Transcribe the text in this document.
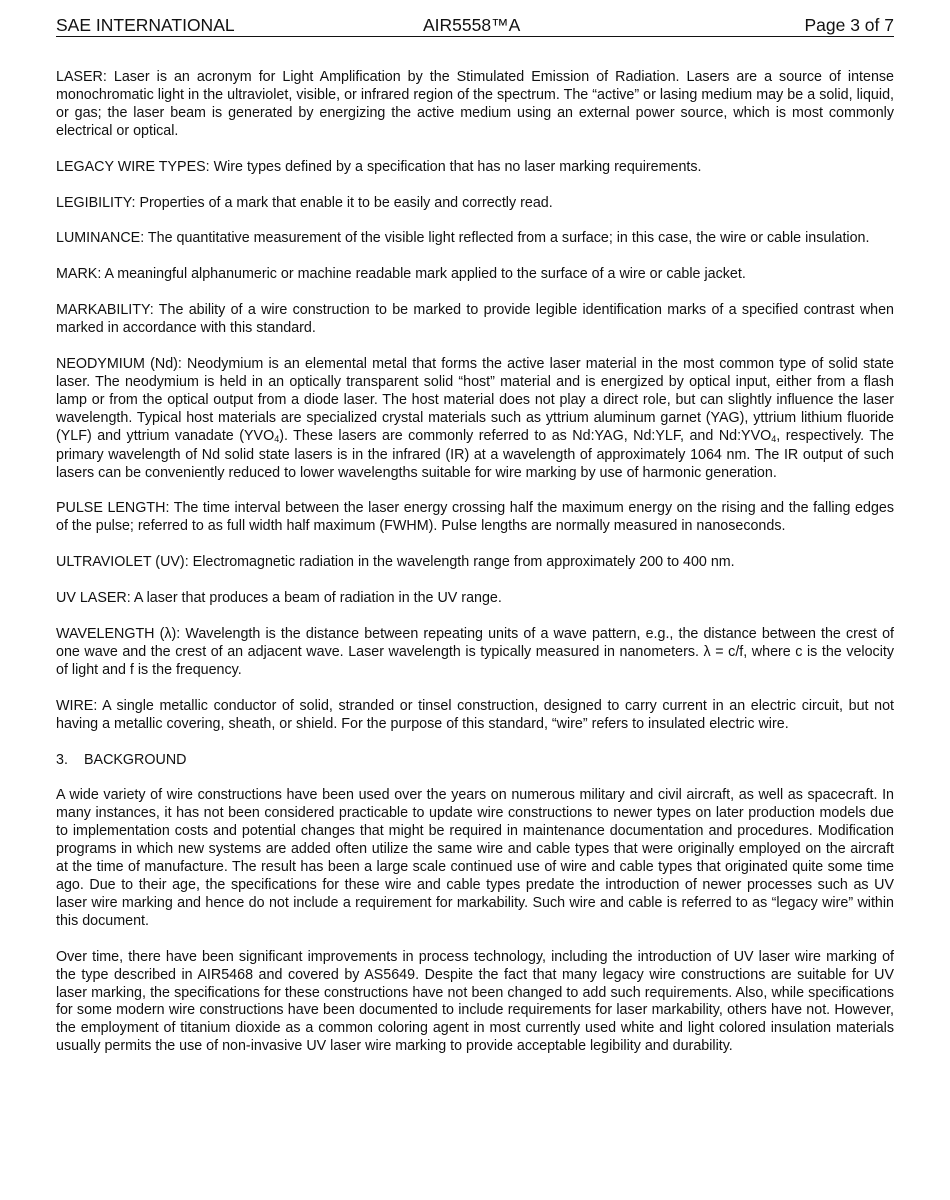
SAE INTERNATIONAL	AIR5558™A	Page 3 of 7

LASER: Laser is an acronym for Light Amplification by the Stimulated Emission of Radiation. Lasers are a source of intense monochromatic light in the ultraviolet, visible, or infrared region of the spectrum. The “active” or lasing medium may be a solid, liquid, or gas; the laser beam is generated by energizing the active medium using an external power source, which is most commonly electrical or optical.

LEGACY WIRE TYPES: Wire types defined by a specification that has no laser marking requirements.

LEGIBILITY: Properties of a mark that enable it to be easily and correctly read.

LUMINANCE: The quantitative measurement of the visible light reflected from a surface; in this case, the wire or cable insulation.

MARK: A meaningful alphanumeric or machine readable mark applied to the surface of a wire or cable jacket.

MARKABILITY: The ability of a wire construction to be marked to provide legible identification marks of a specified contrast when marked in accordance with this standard.

NEODYMIUM (Nd): Neodymium is an elemental metal that forms the active laser material in the most common type of solid state laser. The neodymium is held in an optically transparent solid “host” material and is energized by optical input, either from a flash lamp or from the optical output from a diode laser. The host material does not play a direct role, but can slightly influence the laser wavelength. Typical host materials are specialized crystal materials such as yttrium aluminum garnet (YAG), yttrium lithium fluoride (YLF) and yttrium vanadate $(YVO_4)$. These lasers are commonly referred to as Nd:YAG, Nd:YLF, and $Nd:YVO_4$, respectively. The primary wavelength of Nd solid state lasers is in the infrared (IR) at a wavelength of approximately 1064 nm. The IR output of such lasers can be conveniently reduced to lower wavelengths suitable for wire marking by use of harmonic generation.

PULSE LENGTH: The time interval between the laser energy crossing half the maximum energy on the rising and the falling edges of the pulse; referred to as full width half maximum (FWHM). Pulse lengths are normally measured in nanoseconds.

ULTRAVIOLET (UV): Electromagnetic radiation in the wavelength range from approximately 200 to 400 nm.

UV LASER: A laser that produces a beam of radiation in the UV range.

WAVELENGTH (λ): Wavelength is the distance between repeating units of a wave pattern, e.g., the distance between the crest of one wave and the crest of an adjacent wave. Laser wavelength is typically measured in nanometers. λ = c/f, where c is the velocity of light and f is the frequency.

WIRE: A single metallic conductor of solid, stranded or tinsel construction, designed to carry current in an electric circuit, but not having a metallic covering, sheath, or shield. For the purpose of this standard, “wire” refers to insulated electric wire.

3. BACKGROUND

A wide variety of wire constructions have been used over the years on numerous military and civil aircraft, as well as spacecraft. In many instances, it has not been considered practicable to update wire constructions to newer types on later production models due to implementation costs and potential changes that might be required in maintenance documentation and procedures. Modification programs in which new systems are added often utilize the same wire and cable types that were originally employed on the aircraft at the time of manufacture. The result has been a large scale continued use of wire and cable types that originated quite some time ago. Due to their age, the specifications for these wire and cable types predate the introduction of newer processes such as UV laser wire marking and hence do not include a requirement for markability. Such wire and cable is referred to as “legacy wire” within this document.

Over time, there have been significant improvements in process technology, including the introduction of UV laser wire marking of the type described in AIR5468 and covered by AS5649. Despite the fact that many legacy wire constructions are suitable for UV laser marking, the specifications for these constructions have not been changed to add such requirements. Also, while specifications for some modern wire constructions have been documented to include requirements for laser markability, others have not. However, the employment of titanium dioxide as a common coloring agent in most currently used white and light colored insulation materials usually permits the use of non-invasive UV laser wire marking to provide acceptable legibility and durability.
